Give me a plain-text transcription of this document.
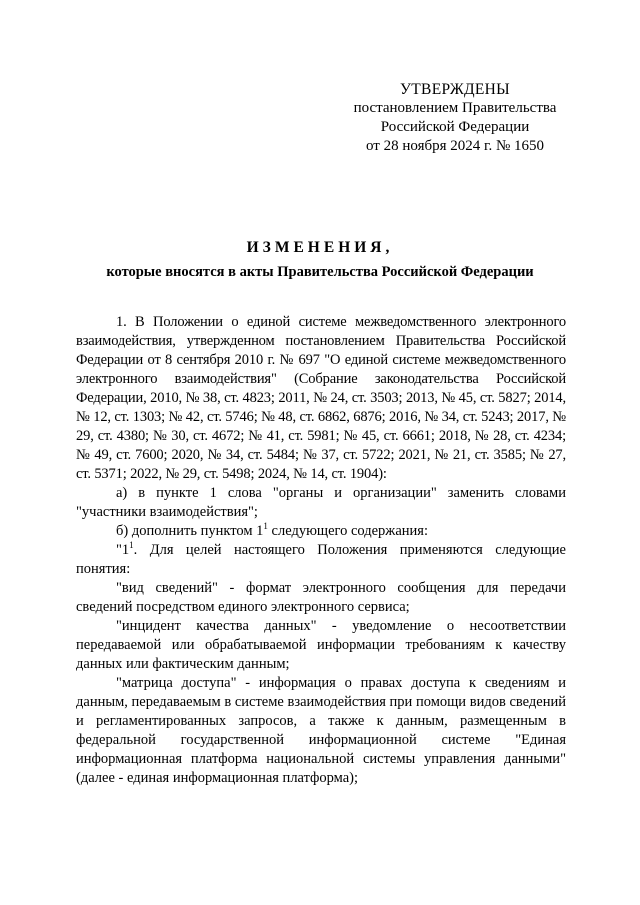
УТВЕРЖДЕНЫ
постановлением Правительства
Российской Федерации
от 28 ноября 2024 г. № 1650
ИЗМЕНЕНИЯ,
которые вносятся в акты Правительства Российской Федерации

1. В Положении о единой системе межведомственного электронного взаимодействия, утвержденном постановлением Правительства Российской Федерации от 8 сентября 2010 г. № 697 "О единой системе межведомственного электронного взаимодействия" (Собрание законодательства Российской Федерации, 2010, № 38, ст. 4823; 2011, № 24, ст. 3503; 2013, № 45, ст. 5827; 2014, № 12, ст. 1303; № 42, ст. 5746; № 48, ст. 6862, 6876; 2016, № 34, ст. 5243; 2017, № 29, ст. 4380; № 30, ст. 4672; № 41, ст. 5981; № 45, ст. 6661; 2018, № 28, ст. 4234; № 49, ст. 7600; 2020, № 34, ст. 5484; № 37, ст. 5722; 2021, № 21, ст. 3585; № 27, ст. 5371; 2022, № 29, ст. 5498; 2024, № 14, ст. 1904):

а) в пункте 1 слова "органы и организации" заменить словами "участники взаимодействия";

б) дополнить пунктом $1^1$ следующего содержания:

"$1^1$. Для целей настоящего Положения применяются следующие понятия:

"вид сведений" - формат электронного сообщения для передачи сведений посредством единого электронного сервиса;

"инцидент качества данных" - уведомление о несоответствии передаваемой или обрабатываемой информации требованиям к качеству данных или фактическим данным;

"матрица доступа" - информация о правах доступа к сведениям и данным, передаваемым в системе взаимодействия при помощи видов сведений и регламентированных запросов, а также к данным, размещенным в федеральной государственной информационной системе "Единая информационная платформа национальной системы управления данными" (далее - единая информационная платформа);
